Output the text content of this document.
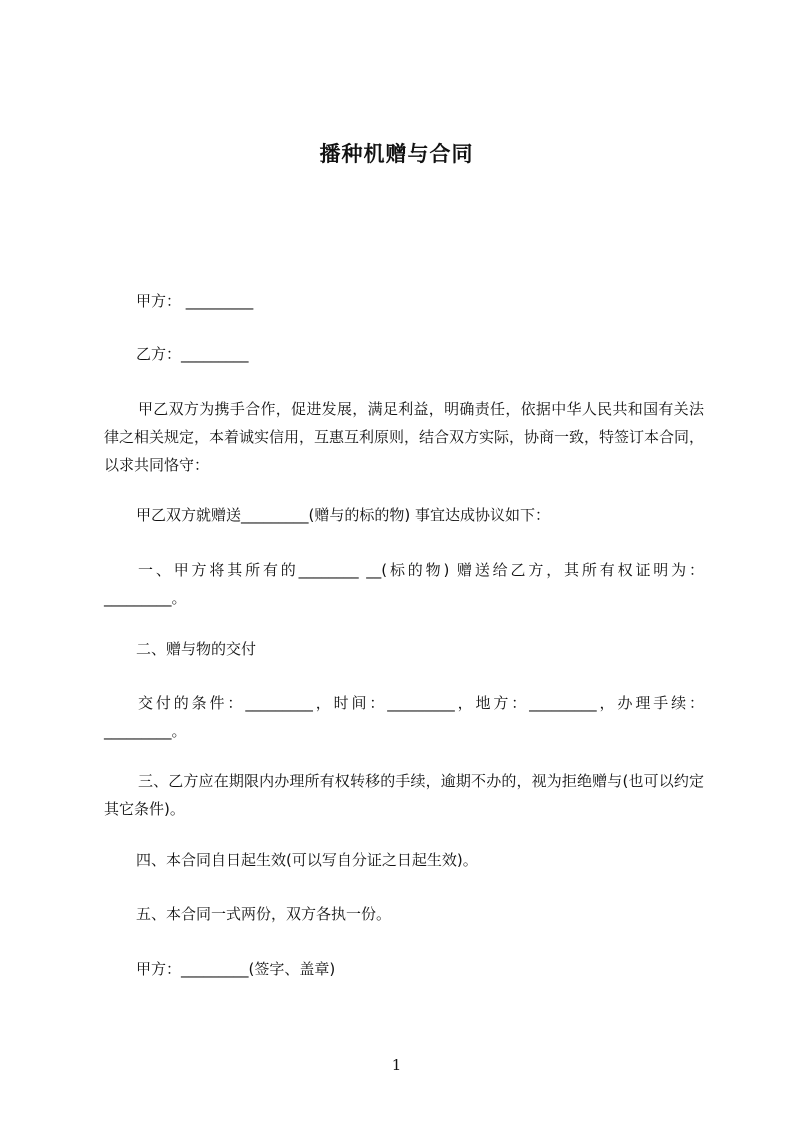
播种机赠与合同

甲方： _________

乙方：_________

甲乙双方为携手合作，促进发展，满足利益，明确责任，依据中华人民共和国有关法律之相关规定，本着诚实信用，互惠互利原则，结合双方实际，协商一致，特签订本合同，以求共同恪守：

甲乙双方就赠送_________(赠与的标的物) 事宜达成协议如下：

一、甲方将其所有的________ __(标的物) 赠送给乙方，其所有权证明为：_________。

二、赠与物的交付

交付的条件：_________，时间：_________，地方：_________，办理手续：_________。

三、乙方应在期限内办理所有权转移的手续，逾期不办的，视为拒绝赠与(也可以约定其它条件)。

四、本合同自日起生效(可以写自分证之日起生效)。

五、本合同一式两份，双方各执一份。

甲方：_________(签字、盖章)

1
